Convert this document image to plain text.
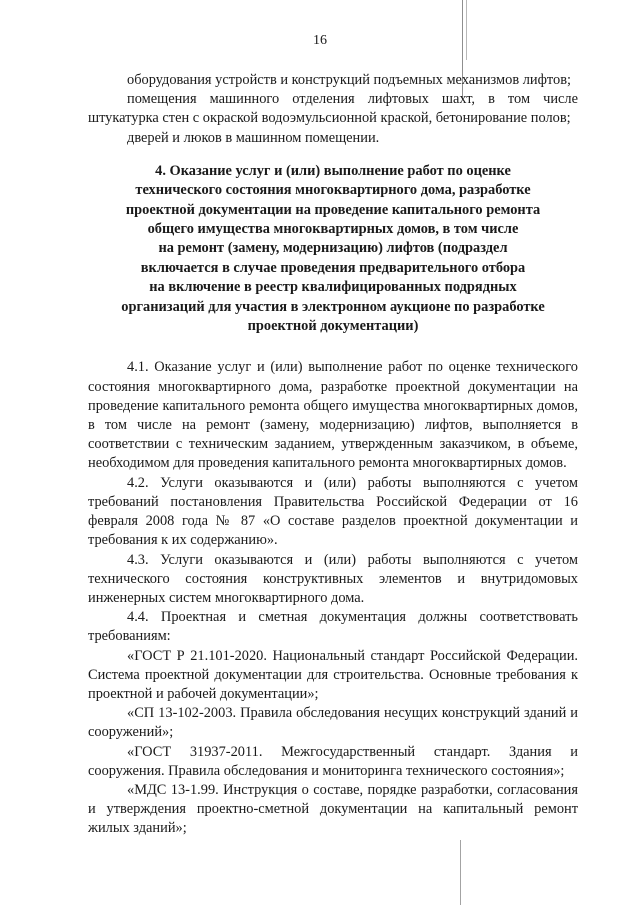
16

оборудования устройств и конструкций подъемных механизмов лифтов;

помещения машинного отделения лифтовых шахт, в том числе штукатурка стен с окраской водоэмульсионной краской, бетонирование полов;

дверей и люков в машинном помещении.

4. Оказание услуг и (или) выполнение работ по оценке
технического состояния многоквартирного дома, разработке
проектной документации на проведение капитального ремонта
общего имущества многоквартирных домов, в том числе
на ремонт (замену, модернизацию) лифтов (подраздел
включается в случае проведения предварительного отбора
на включение в реестр квалифицированных подрядных
организаций для участия в электронном аукционе по разработке
проектной документации)

4.1. Оказание услуг и (или) выполнение работ по оценке технического состояния многоквартирного дома, разработке проектной документации на проведение капитального ремонта общего имущества многоквартирных домов, в том числе на ремонт (замену, модернизацию) лифтов, выполняется в соответствии с техническим заданием, утвержденным заказчиком, в объеме, необходимом для проведения капитального ремонта многоквартирных домов.

4.2. Услуги оказываются и (или) работы выполняются с учетом требований постановления Правительства Российской Федерации от 16 февраля 2008 года № 87 «О составе разделов проектной документации и требования к их содержанию».

4.3. Услуги оказываются и (или) работы выполняются с учетом технического состояния конструктивных элементов и внутридомовых инженерных систем многоквартирного дома.

4.4. Проектная и сметная документация должны соответствовать требованиям:

«ГОСТ Р 21.101-2020. Национальный стандарт Российской Федерации. Система проектной документации для строительства. Основные требования к проектной и рабочей документации»;

«СП 13-102-2003. Правила обследования несущих конструкций зданий и сооружений»;

«ГОСТ 31937-2011. Межгосударственный стандарт. Здания и сооружения. Правила обследования и мониторинга технического состояния»;

«МДС 13-1.99. Инструкция о составе, порядке разработки, согласования и утверждения проектно-сметной документации на капитальный ремонт жилых зданий»;
